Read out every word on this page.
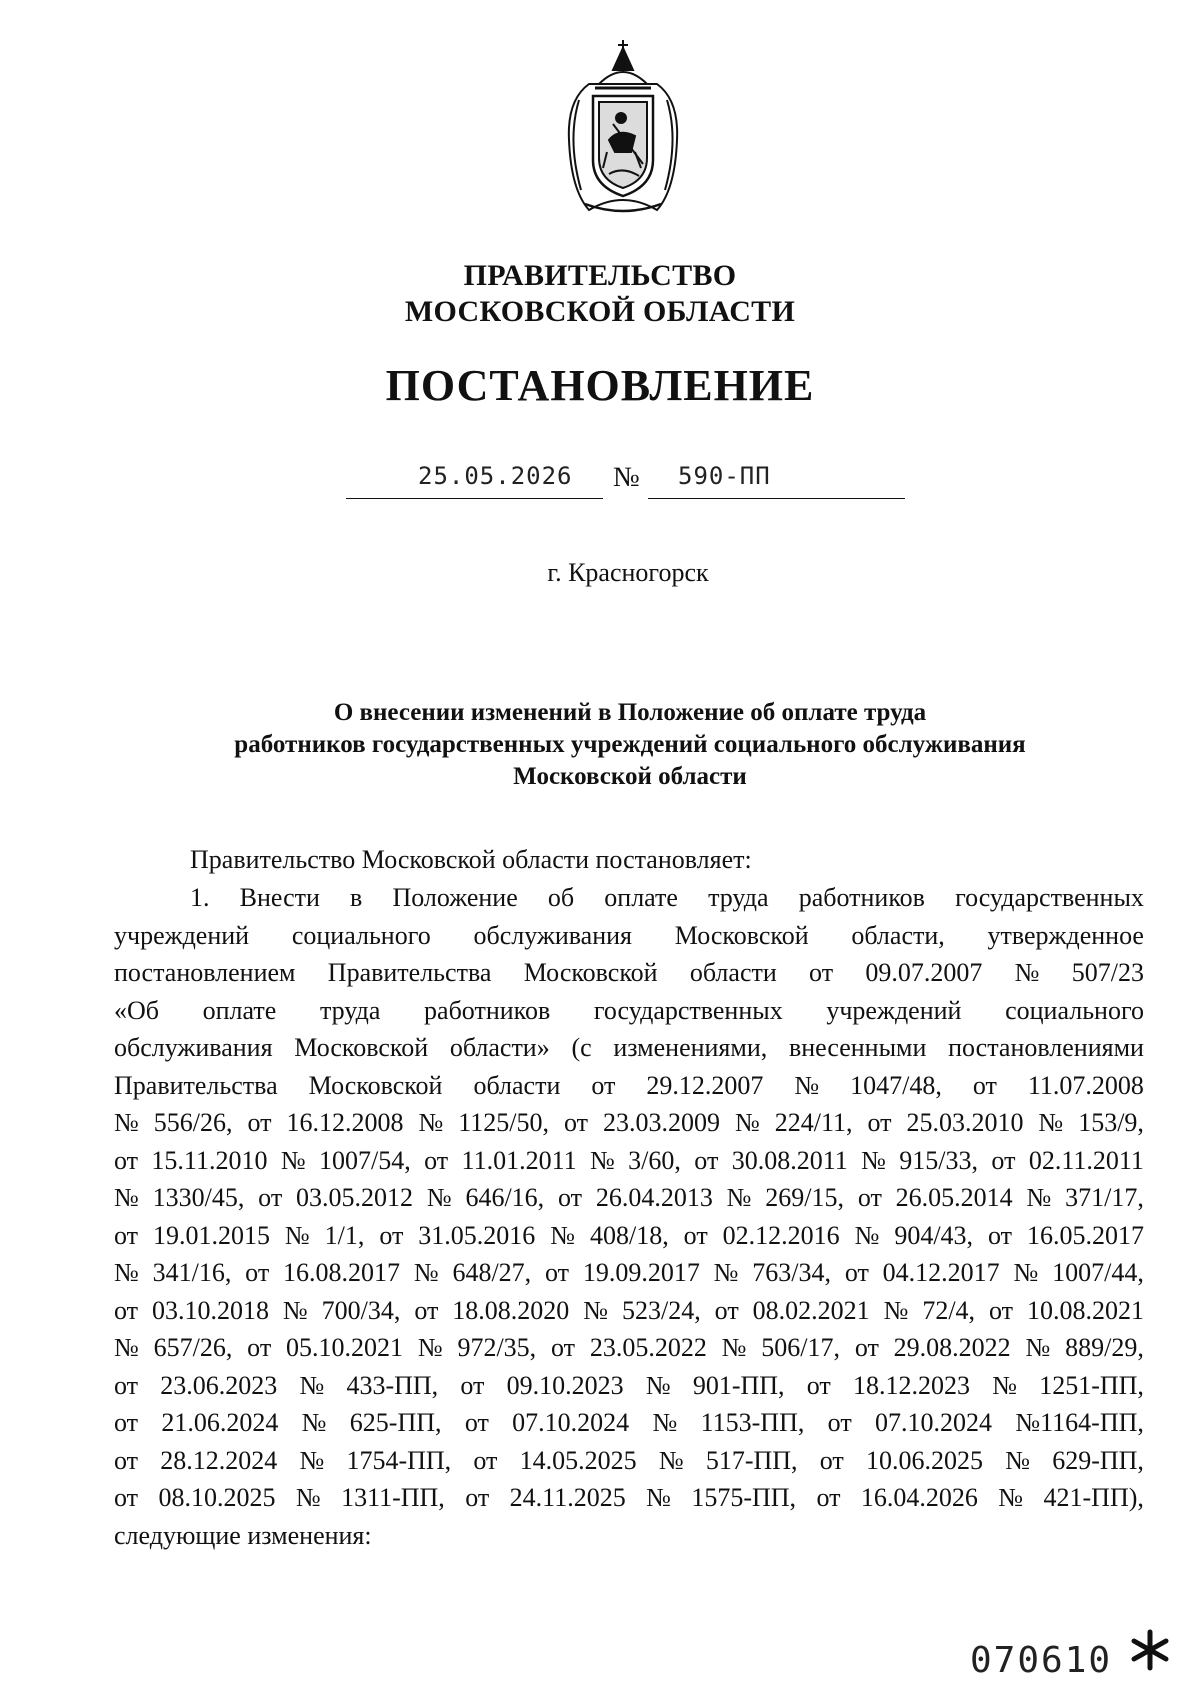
ПРАВИТЕЛЬСТВО
МОСКОВСКОЙ ОБЛАСТИ
ПОСТАНОВЛЕНИЕ
25.05.2026 № 590-ПП
г. Красногорск
О внесении изменений в Положение об оплате труда
работников государственных учреждений социального обслуживания
Московской области
Правительство Московской области постановляет:
1. Внести в Положение об оплате труда работников государственных
учреждений социального обслуживания Московской области, утвержденное
постановлением Правительства Московской области от 09.07.2007 № 507/23
«Об оплате труда работников государственных учреждений социального
обслуживания Московской области» (с изменениями, внесенными постановлениями
Правительства Московской области от 29.12.2007 № 1047/48, от 11.07.2008
№ 556/26, от 16.12.2008 № 1125/50, от 23.03.2009 № 224/11, от 25.03.2010 № 153/9,
от 15.11.2010 № 1007/54, от 11.01.2011 № 3/60, от 30.08.2011 № 915/33, от 02.11.2011
№ 1330/45, от 03.05.2012 № 646/16, от 26.04.2013 № 269/15, от 26.05.2014 № 371/17,
от 19.01.2015 № 1/1, от 31.05.2016 № 408/18, от 02.12.2016 № 904/43, от 16.05.2017
№ 341/16, от 16.08.2017 № 648/27, от 19.09.2017 № 763/34, от 04.12.2017 № 1007/44,
от 03.10.2018 № 700/34, от 18.08.2020 № 523/24, от 08.02.2021 № 72/4, от 10.08.2021
№ 657/26, от 05.10.2021 № 972/35, от 23.05.2022 № 506/17, от 29.08.2022 № 889/29,
от 23.06.2023 № 433-ПП, от 09.10.2023 № 901-ПП, от 18.12.2023 № 1251-ПП,
от 21.06.2024 № 625-ПП, от 07.10.2024 № 1153-ПП, от 07.10.2024 №1164-ПП,
от 28.12.2024 № 1754-ПП, от 14.05.2025 № 517-ПП, от 10.06.2025 № 629-ПП,
от 08.10.2025 № 1311-ПП, от 24.11.2025 № 1575-ПП, от 16.04.2026 № 421-ПП),
следующие изменения:
070610
